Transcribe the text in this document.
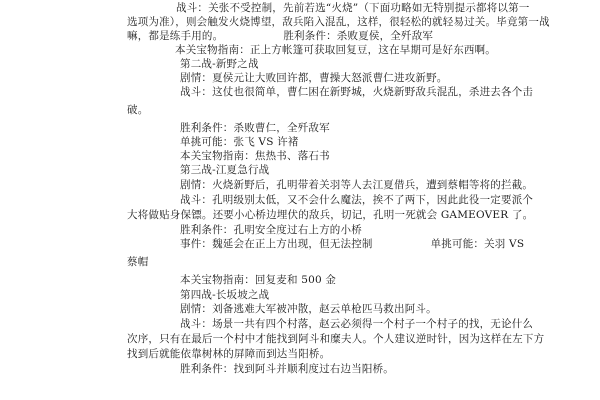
战斗：关张不受控制，先前若选“火烧”（下面功略如无特别提示都将以第一
选项为准），则会触发火烧博望，敌兵陷入混乱，这样，很轻松的就轻易过关。毕竟第一战
嘛，都是练手用的。	胜利条件：杀败夏侯，全歼敌军
本关宝物指南：正上方帐篷可获取回复豆，这在早期可是好东西啊。
第二战-新野之战
剧情：夏侯元让大败回许都，曹操大怒派曹仁进攻新野。
战斗：这仗也很简单，曹仁困在新野城，火烧新野敌兵混乱，杀进去各个击
破。
胜利条件：杀败曹仁，全歼敌军
单挑可能：张飞 VS 许褚
本关宝物指南：焦热书、落石书
第三战-江夏急行战
剧情：火烧新野后，孔明带着关羽等人去江夏借兵，遭到蔡帽等将的拦截。
战斗：孔明级别太低，又不会什么魔法，挨不了两下，因此此役一定要派个
大将做贴身保镖。还要小心桥边埋伏的敌兵，切记，孔明一死就会 GAMEOVER 了。
胜利条件：孔明安全度过右上方的小桥
事件：魏延会在正上方出现，但无法控制	单挑可能：关羽 VS
蔡帽
本关宝物指南：回复麦和 500 金
第四战-长坂坡之战
剧情：刘备逃难大军被冲散，赵云单枪匹马救出阿斗。
战斗：场景一共有四个村落，赵云必须得一个村子一个村子的找，无论什么
次序，只有在最后一个村中才能找到阿斗和糜夫人。个人建议逆时针，因为这样在左下方
找到后就能依靠树林的屏障而到达当阳桥。
胜利条件：找到阿斗并顺利度过右边当阳桥。
